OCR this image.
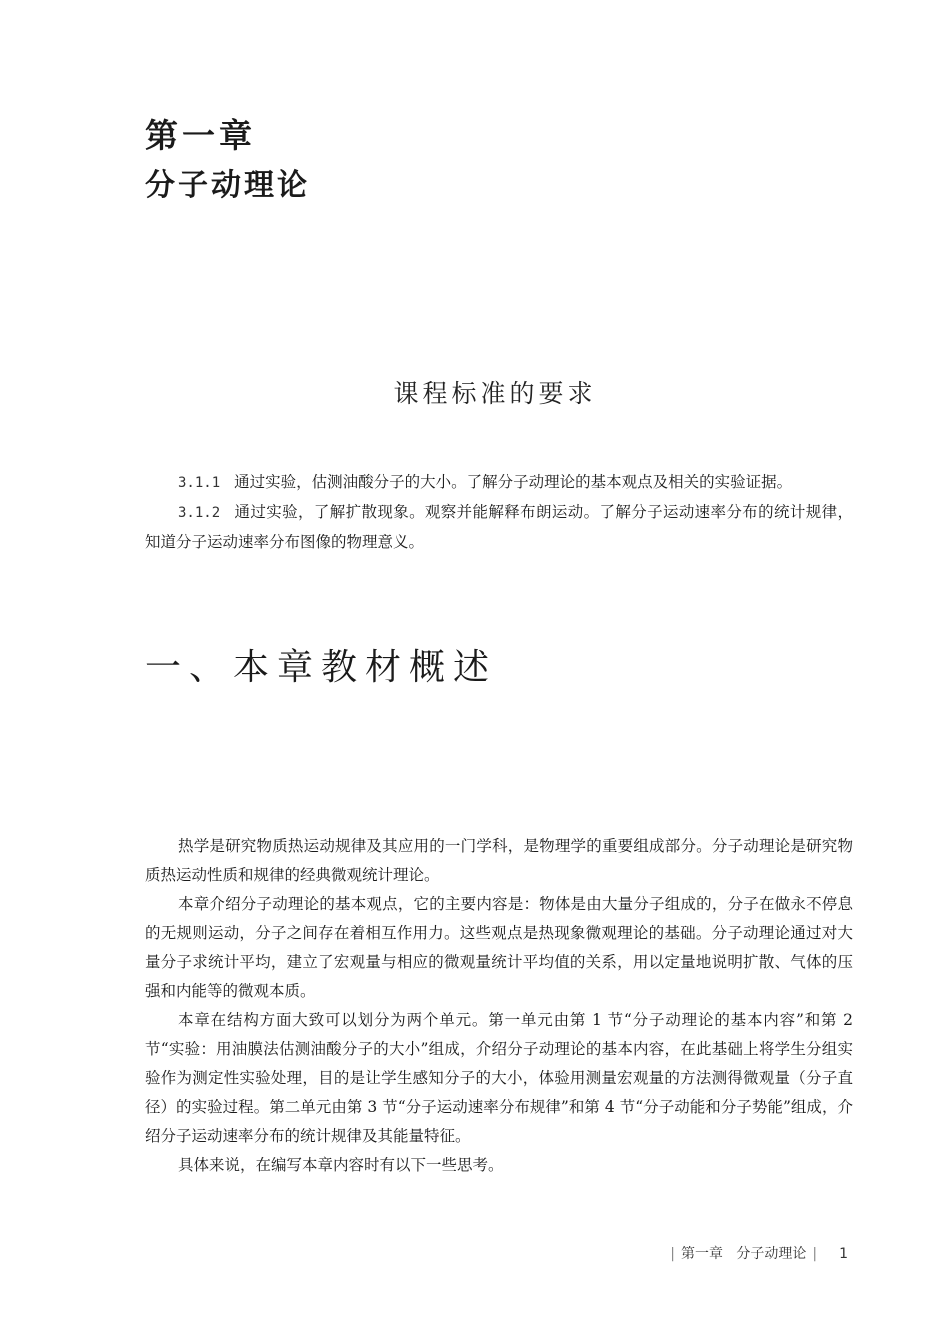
第一章
分子动理论
课程标准的要求

3.1.1 通过实验，估测油酸分子的大小。了解分子动理论的基本观点及相关的实验证据。

3.1.2 通过实验，了解扩散现象。观察并能解释布朗运动。了解分子运动速率分布的统计规律，知道分子运动速率分布图像的物理意义。

一、本章教材概述

热学是研究物质热运动规律及其应用的一门学科，是物理学的重要组成部分。分子动理论是研究物质热运动性质和规律的经典微观统计理论。

本章介绍分子动理论的基本观点，它的主要内容是：物体是由大量分子组成的，分子在做永不停息的无规则运动，分子之间存在着相互作用力。这些观点是热现象微观理论的基础。分子动理论通过对大量分子求统计平均，建立了宏观量与相应的微观量统计平均值的关系，用以定量地说明扩散、气体的压强和内能等的微观本质。

本章在结构方面大致可以划分为两个单元。第一单元由第 1 节“分子动理论的基本内容”和第 2 节“实验：用油膜法估测油酸分子的大小”组成，介绍分子动理论的基本内容，在此基础上将学生分组实验作为测定性实验处理，目的是让学生感知分子的大小，体验用测量宏观量的方法测得微观量（分子直径）的实验过程。第二单元由第 3 节“分子运动速率分布规律”和第 4 节“分子动能和分子势能”组成，介绍分子运动速率分布的统计规律及其能量特征。

具体来说，在编写本章内容时有以下一些思考。

| 第一章 分子动理论 | 1
